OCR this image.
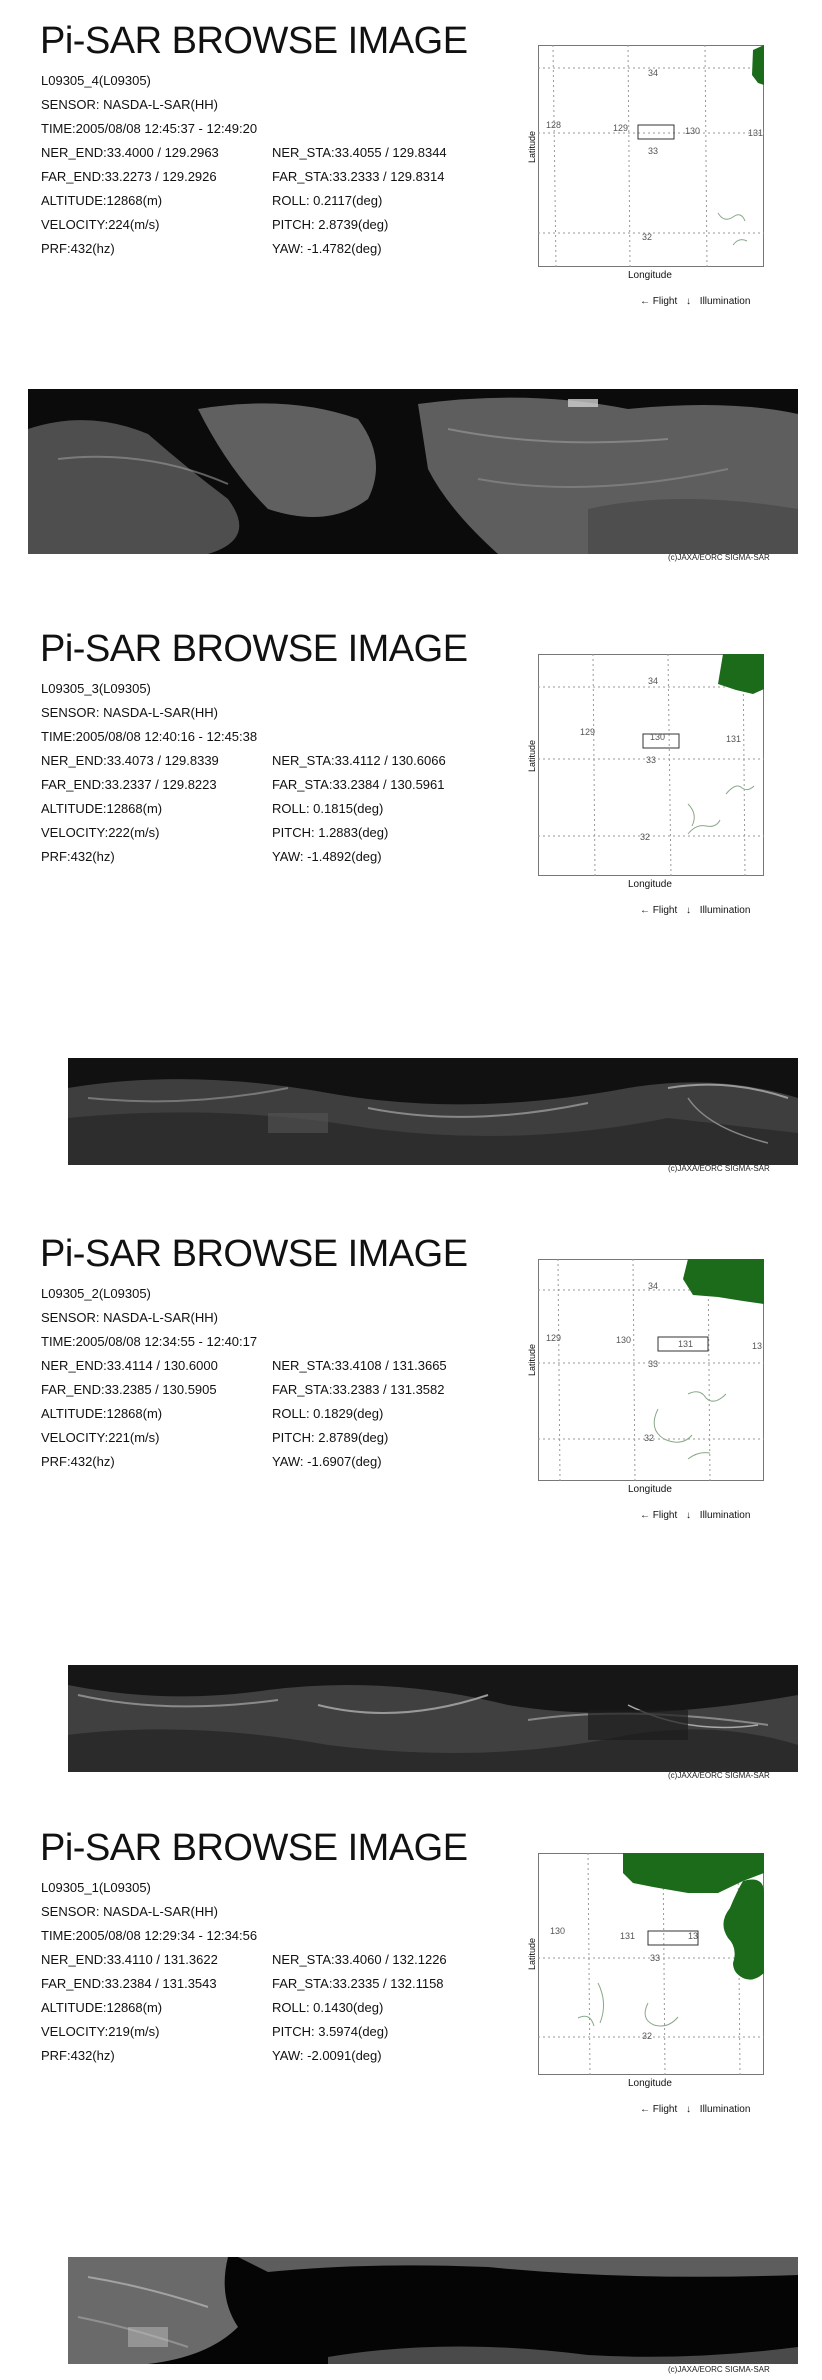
Pi-SAR BROWSE IMAGE
L09305_4(L09305)
SENSOR: NASDA-L-SAR(HH)
TIME:2005/08/08 12:45:37 - 12:49:20
NER_END:33.4000 / 129.2963	NER_STA:33.4055 / 129.8344
FAR_END:33.2273 / 129.2926	FAR_STA:33.2333 / 129.8314
ALTITUDE:12868(m)	ROLL: 0.2117(deg)
VELOCITY:224(m/s)	PITCH: 2.8739(deg)
PRF:432(hz)	YAW: -1.4782(deg)
128	129	130	131
34
33
32
Latitude
Longitude
← Flight ↓ Illumination
(c)JAXA/EORC SIGMA-SAR
Pi-SAR BROWSE IMAGE
L09305_3(L09305)
SENSOR: NASDA-L-SAR(HH)
TIME:2005/08/08 12:40:16 - 12:45:38
NER_END:33.4073 / 129.8339	NER_STA:33.4112 / 130.6066
FAR_END:33.2337 / 129.8223	FAR_STA:33.2384 / 130.5961
ALTITUDE:12868(m)	ROLL: 0.1815(deg)
VELOCITY:222(m/s)	PITCH: 1.2883(deg)
PRF:432(hz)	YAW: -1.4892(deg)
129	130	131
34
33
32
Latitude
Longitude
← Flight ↓ Illumination
(c)JAXA/EORC SIGMA-SAR
Pi-SAR BROWSE IMAGE
L09305_2(L09305)
SENSOR: NASDA-L-SAR(HH)
TIME:2005/08/08 12:34:55 - 12:40:17
NER_END:33.4114 / 130.6000	NER_STA:33.4108 / 131.3665
FAR_END:33.2385 / 130.5905	FAR_STA:33.2383 / 131.3582
ALTITUDE:12868(m)	ROLL: 0.1829(deg)
VELOCITY:221(m/s)	PITCH: 2.8789(deg)
PRF:432(hz)	YAW: -1.6907(deg)
129	130	131	13
34
33
32
Latitude
Longitude
← Flight ↓ Illumination
(c)JAXA/EORC SIGMA-SAR
Pi-SAR BROWSE IMAGE
L09305_1(L09305)
SENSOR: NASDA-L-SAR(HH)
TIME:2005/08/08 12:29:34 - 12:34:56
NER_END:33.4110 / 131.3622	NER_STA:33.4060 / 132.1226
FAR_END:33.2384 / 131.3543	FAR_STA:33.2335 / 132.1158
ALTITUDE:12868(m)	ROLL: 0.1430(deg)
VELOCITY:219(m/s)	PITCH: 3.5974(deg)
PRF:432(hz)	YAW: -2.0091(deg)
130	131	13
33
32
Latitude
Longitude
← Flight ↓ Illumination
(c)JAXA/EORC SIGMA-SAR
